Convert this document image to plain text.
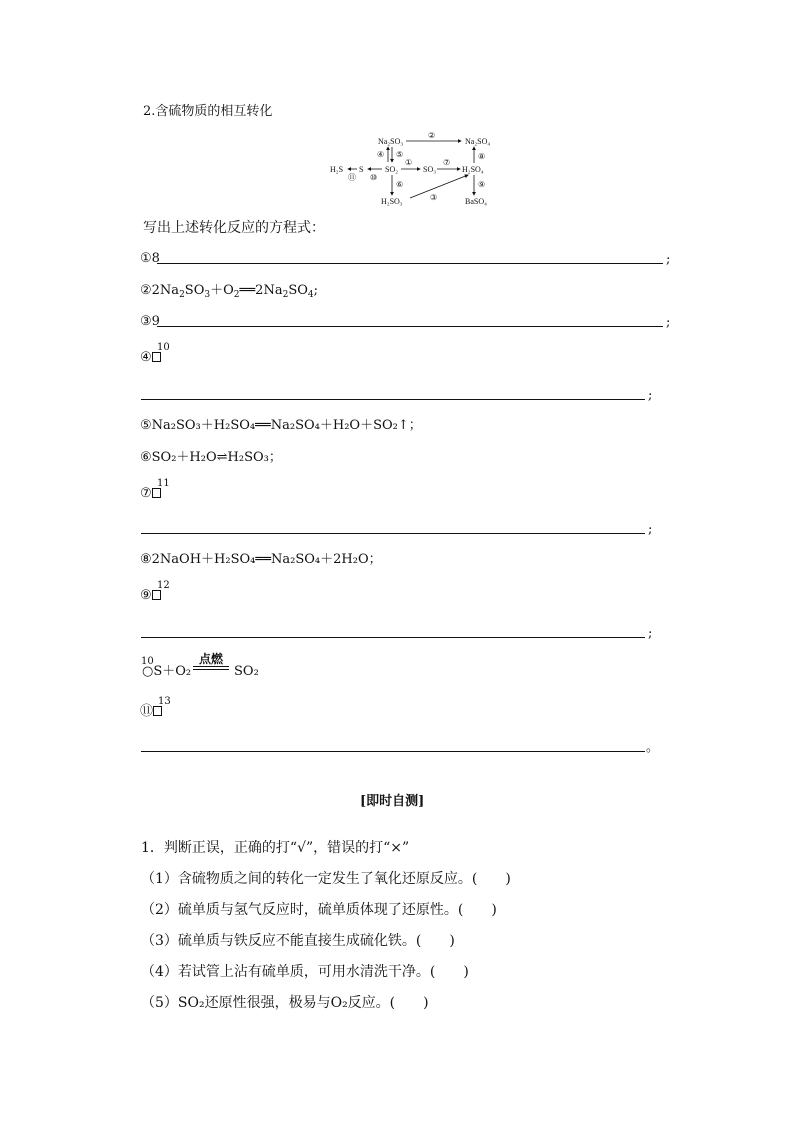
2.含硫物质的相互转化
Na₂SO₃	Na₂SO₄
H₂S S	SO₂	SO₃	H₂SO₄
H₂SO₃	BaSO₄
②
④ ⑤
①	⑦
⑧
⑪ ⑩
⑥
③
⑨
写出上述转化反应的方程式：
①8	;
$②2Na_2SO_3+O_2══2Na_2SO_4$;
③9	;
④
10
;
⑤Na₂SO₃＋H₂SO₄══Na₂SO₄＋H₂O＋SO₂↑；
⑥SO₂＋H₂O⇌H₂SO₃；
⑦
11
;
⑧2NaOH＋H₂SO₄══Na₂SO₄＋2H₂O；
⑨
12
;
10
○S＋O₂
点燃
SO₂
⑪
13
。
[即时自测]
1．判断正误，正确的打“√”，错误的打“×”
（1）含硫物质之间的转化一定发生了氧化还原反应。(　　)
（2）硫单质与氢气反应时，硫单质体现了还原性。(　　)
（3）硫单质与铁反应不能直接生成硫化铁。(　　)
（4）若试管上沾有硫单质，可用水清洗干净。(　　)
（5）SO₂还原性很强，极易与O₂反应。(　　)
